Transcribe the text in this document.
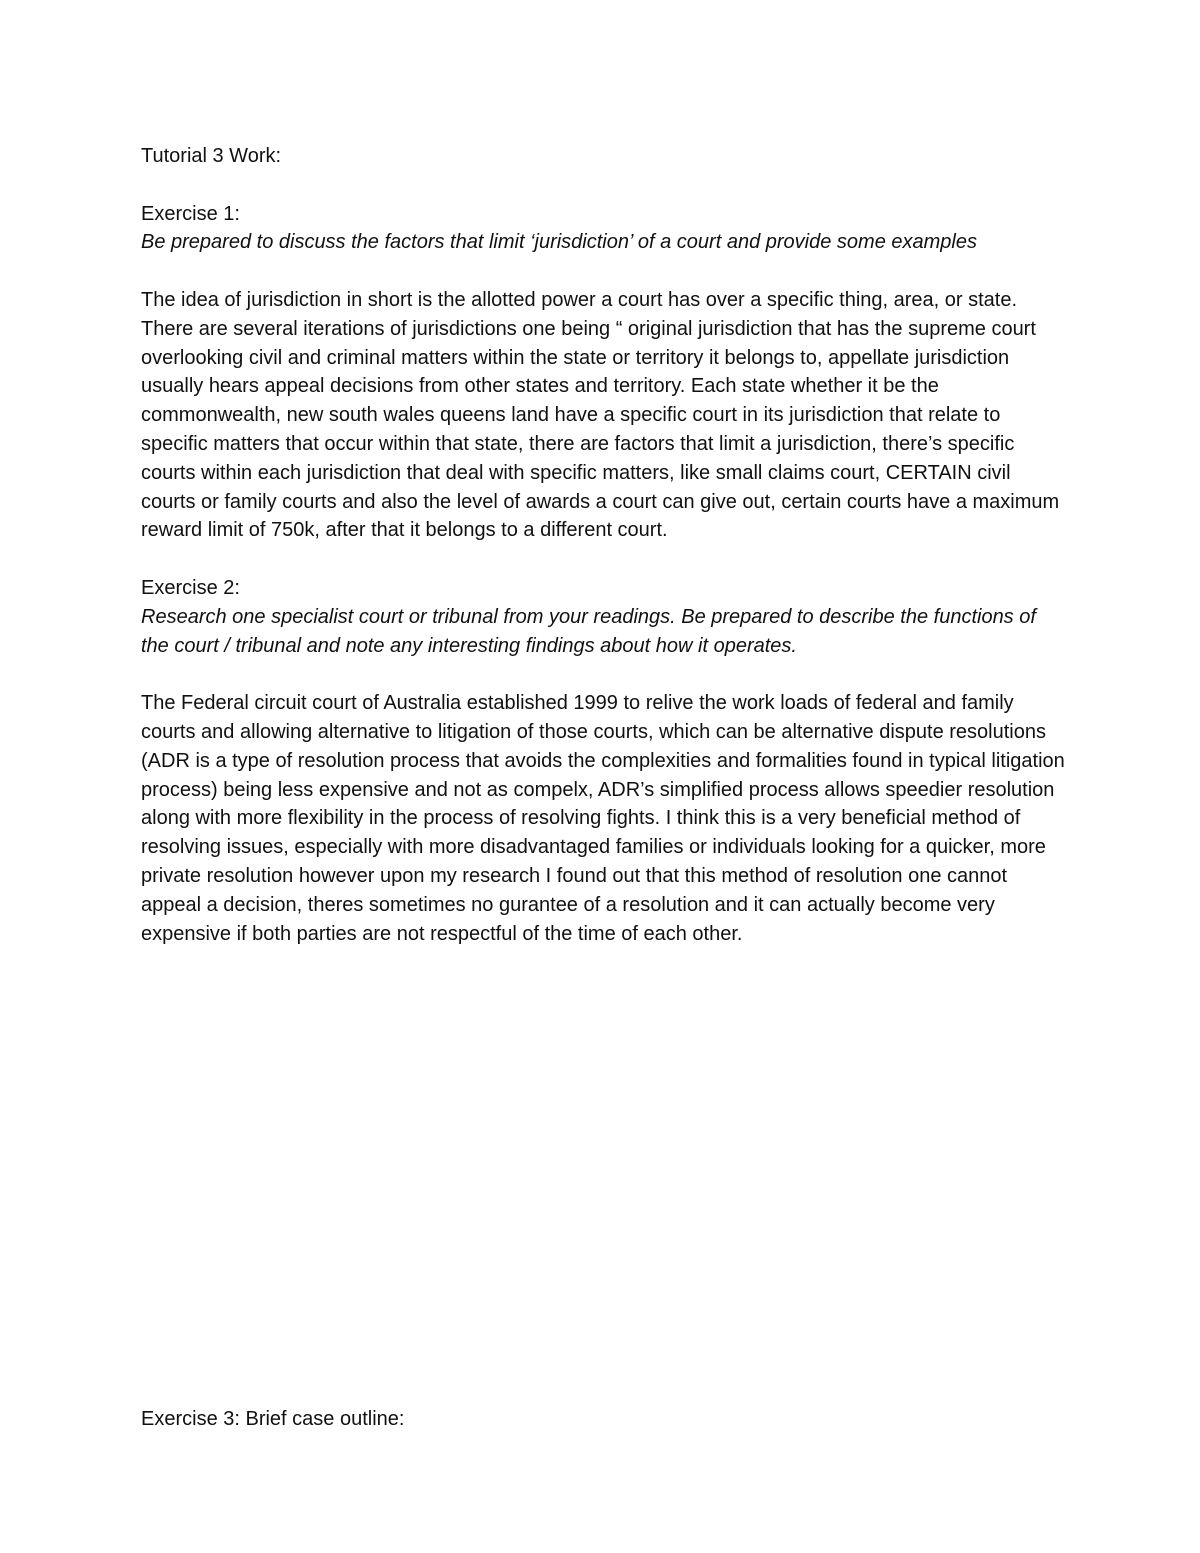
Tutorial 3 Work:

Exercise 1:

Be prepared to discuss the factors that limit ‘jurisdiction’ of a court and provide some examples

The idea of jurisdiction in short is the allotted power a court has over a specific thing, area, or state. There are several iterations of jurisdictions one being “ original jurisdiction that has the supreme court overlooking civil and criminal matters within the state or territory it belongs to, appellate jurisdiction usually hears appeal decisions from other states and territory. Each state whether it be the commonwealth, new south wales queens land have a specific court in its jurisdiction that relate to specific matters that occur within that state, there are factors that limit a jurisdiction, there’s specific courts within each jurisdiction that deal with specific matters, like small claims court, CERTAIN civil courts or family courts and also the level of awards a court can give out, certain courts have a maximum reward limit of 750k, after that it belongs to a different court.

Exercise 2:

Research one specialist court or tribunal from your readings. Be prepared to describe the functions of the court / tribunal and note any interesting findings about how it operates.

The Federal circuit court of Australia established 1999 to relive the work loads of federal and family courts and allowing alternative to litigation of those courts, which can be alternative dispute resolutions (ADR is a type of resolution process that avoids the complexities and formalities found in typical litigation process) being less expensive and not as compelx, ADR’s simplified process allows speedier resolution along with more flexibility in the process of resolving fights. I think this is a very beneficial method of resolving issues, especially with more disadvantaged families or individuals looking for a quicker, more private resolution however upon my research I found out that this method of resolution one cannot appeal a decision, theres sometimes no gurantee of a resolution and it can actually become very expensive if both parties are not respectful of the time of each other.

Exercise 3: Brief case outline:
